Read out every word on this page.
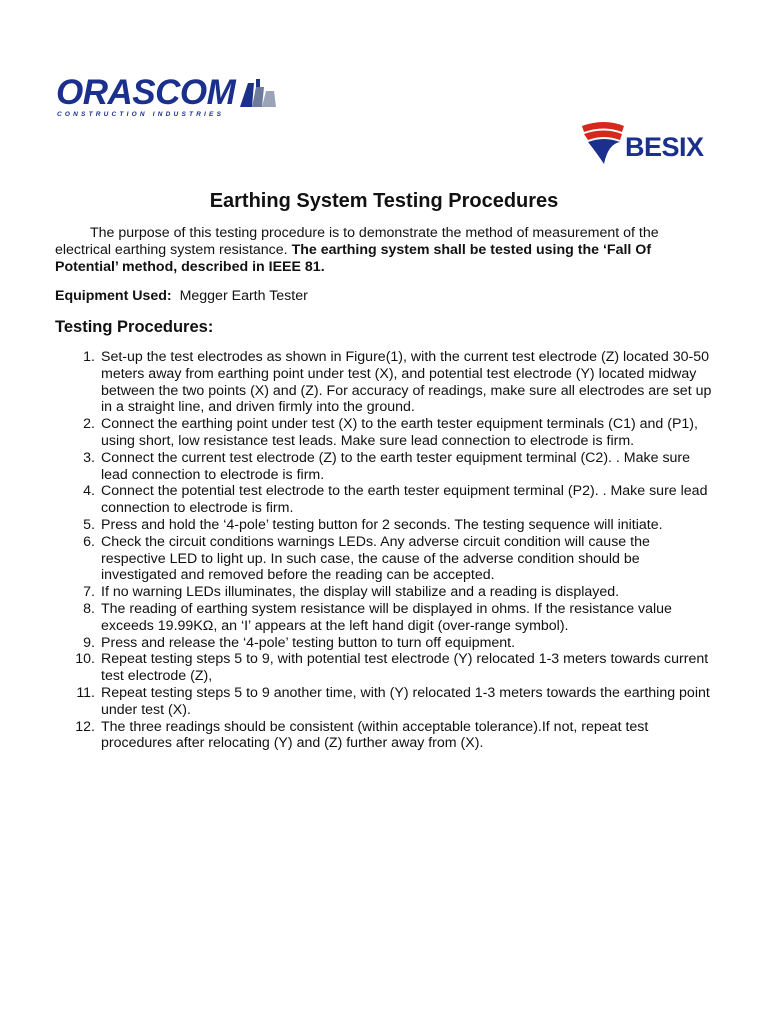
ORASCOM
CONSTRUCTION INDUSTRIES
BESIX
Earthing System Testing Procedures

The purpose of this testing procedure is to demonstrate the method of measurement of the electrical earthing system resistance. The earthing system shall be tested using the ‘Fall Of Potential’ method, described in IEEE 81.

Equipment Used: Megger Earth Tester

Testing Procedures:
1. Set-up the test electrodes as shown in Figure(1), with the current test electrode (Z) located 30-50 meters away from earthing point under test (X), and potential test electrode (Y) located midway between the two points (X) and (Z). For accuracy of readings, make sure all electrodes are set up in a straight line, and driven firmly into the ground.
2. Connect the earthing point under test (X) to the earth tester equipment terminals (C1) and (P1), using short, low resistance test leads. Make sure lead connection to electrode is firm.
3. Connect the current test electrode (Z) to the earth tester equipment terminal (C2). . Make sure lead connection to electrode is firm.
4. Connect the potential test electrode to the earth tester equipment terminal (P2). . Make sure lead connection to electrode is firm.
5. Press and hold the ‘4-pole’ testing button for 2 seconds. The testing sequence will initiate.
6. Check the circuit conditions warnings LEDs. Any adverse circuit condition will cause the respective LED to light up. In such case, the cause of the adverse condition should be investigated and removed before the reading can be accepted.
7. If no warning LEDs illuminates, the display will stabilize and a reading is displayed.
8. The reading of earthing system resistance will be displayed in ohms. If the resistance value exceeds 19.99KΩ, an ‘I’ appears at the left hand digit (over-range symbol).
9. Press and release the ‘4-pole’ testing button to turn off equipment.
10. Repeat testing steps 5 to 9, with potential test electrode (Y) relocated 1-3 meters towards current test electrode (Z),
11. Repeat testing steps 5 to 9 another time, with (Y) relocated 1-3 meters towards the earthing point under test (X).
12. The three readings should be consistent (within acceptable tolerance).If not, repeat test procedures after relocating (Y) and (Z) further away from (X).
